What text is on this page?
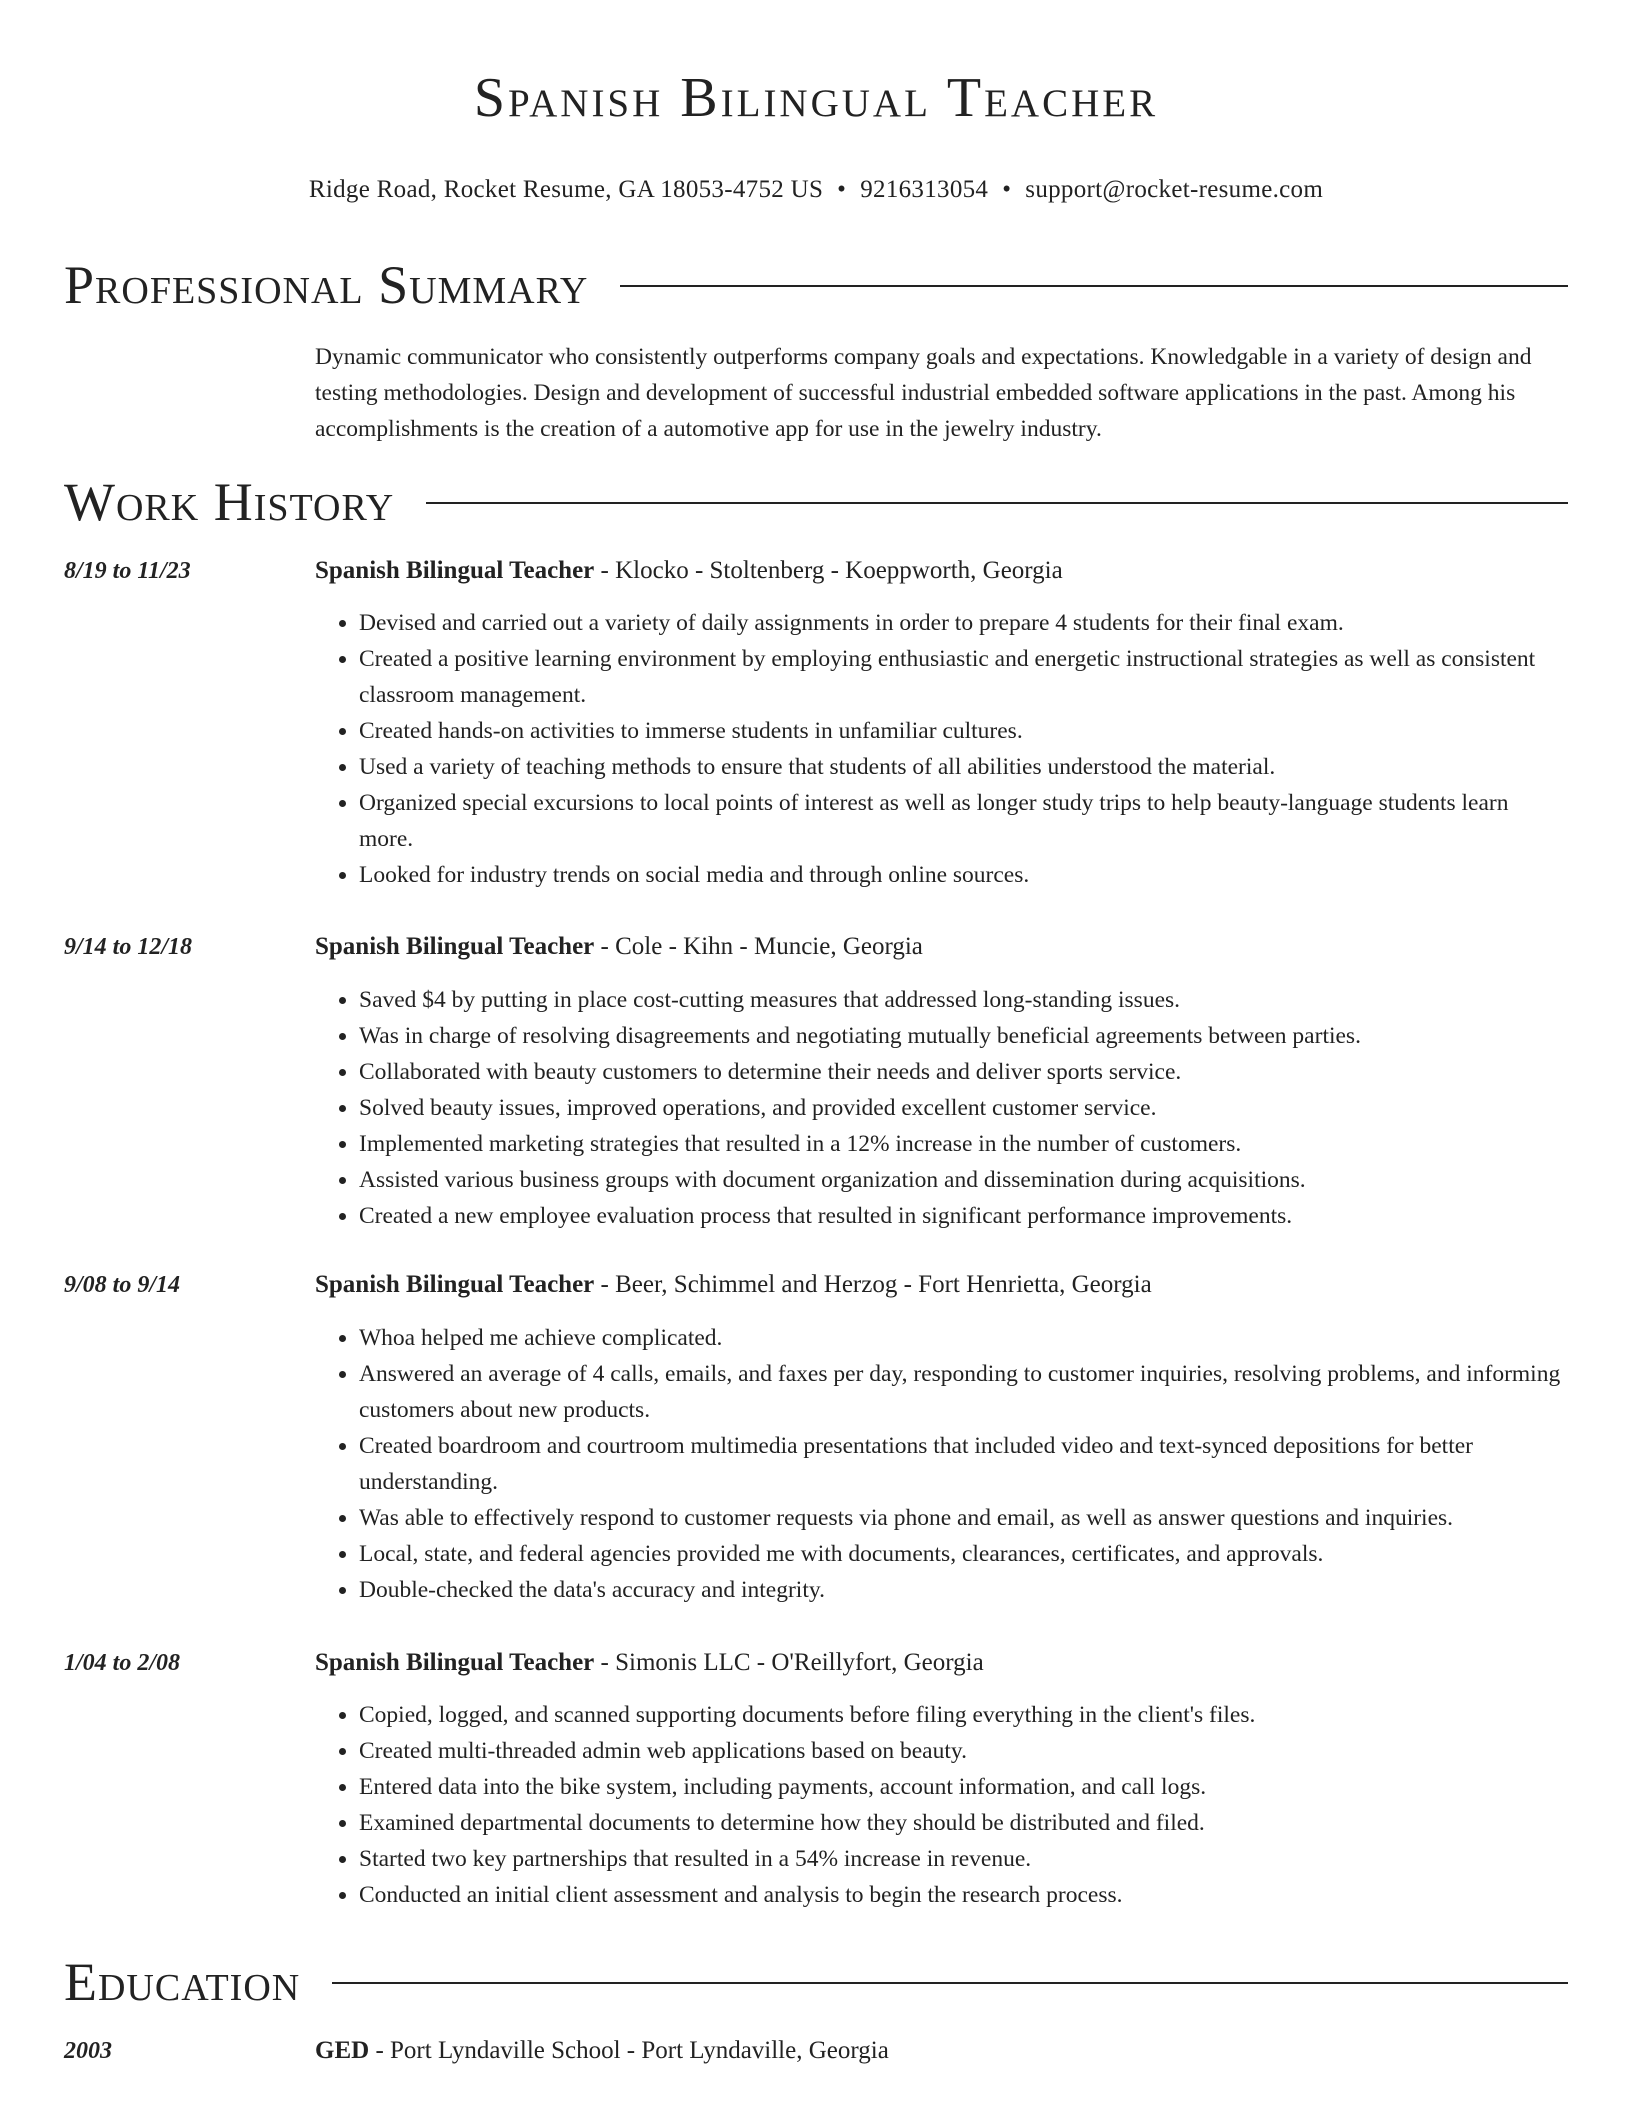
Spanish Bilingual Teacher
Ridge Road, Rocket Resume, GA 18053-4752 US • 9216313054 • support@rocket-resume.com
Professional Summary

Dynamic communicator who consistently outperforms company goals and expectations. Knowledgable in a variety of design and testing methodologies. Design and development of successful industrial embedded software applications in the past. Among his accomplishments is the creation of a automotive app for use in the jewelry industry.

Work History
8/19 to 11/23	Spanish Bilingual Teacher - Klocko - Stoltenberg - Koeppworth, Georgia
• Devised and carried out a variety of daily assignments in order to prepare 4 students for their final exam.
• Created a positive learning environment by employing enthusiastic and energetic instructional strategies as well as consistent classroom management.
• Created hands-on activities to immerse students in unfamiliar cultures.
• Used a variety of teaching methods to ensure that students of all abilities understood the material.
• Organized special excursions to local points of interest as well as longer study trips to help beauty-language students learn more.
• Looked for industry trends on social media and through online sources.
9/14 to 12/18	Spanish Bilingual Teacher - Cole - Kihn - Muncie, Georgia
• Saved $4 by putting in place cost-cutting measures that addressed long-standing issues.
• Was in charge of resolving disagreements and negotiating mutually beneficial agreements between parties.
• Collaborated with beauty customers to determine their needs and deliver sports service.
• Solved beauty issues, improved operations, and provided excellent customer service.
• Implemented marketing strategies that resulted in a 12% increase in the number of customers.
• Assisted various business groups with document organization and dissemination during acquisitions.
• Created a new employee evaluation process that resulted in significant performance improvements.
9/08 to 9/14	Spanish Bilingual Teacher - Beer, Schimmel and Herzog - Fort Henrietta, Georgia
• Whoa helped me achieve complicated.
• Answered an average of 4 calls, emails, and faxes per day, responding to customer inquiries, resolving problems, and informing customers about new products.
• Created boardroom and courtroom multimedia presentations that included video and text-synced depositions for better understanding.
• Was able to effectively respond to customer requests via phone and email, as well as answer questions and inquiries.
• Local, state, and federal agencies provided me with documents, clearances, certificates, and approvals.
• Double-checked the data's accuracy and integrity.
1/04 to 2/08	Spanish Bilingual Teacher - Simonis LLC - O'Reillyfort, Georgia
• Copied, logged, and scanned supporting documents before filing everything in the client's files.
• Created multi-threaded admin web applications based on beauty.
• Entered data into the bike system, including payments, account information, and call logs.
• Examined departmental documents to determine how they should be distributed and filed.
• Started two key partnerships that resulted in a 54% increase in revenue.
• Conducted an initial client assessment and analysis to begin the research process.
Education
2003	GED - Port Lyndaville School - Port Lyndaville, Georgia
